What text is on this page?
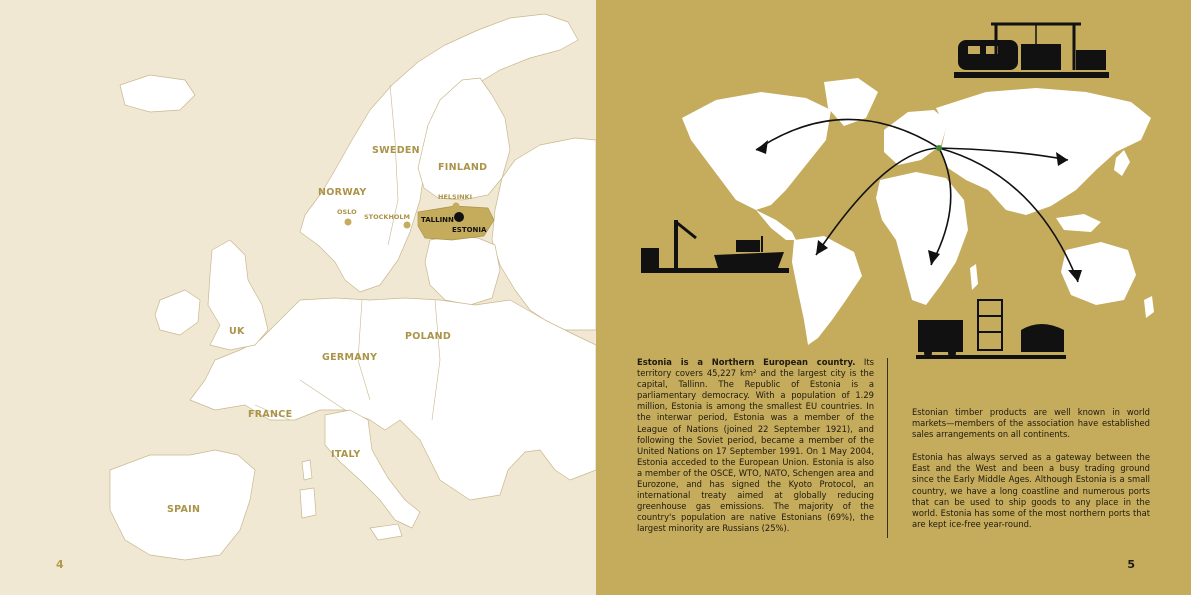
SWEDEN
FINLAND
NORWAY
UK	POLAND
GERMANY
FRANCE
ITALY
SPAIN
HELSINKI
TALLINN
ESTONIA
OSLO
STOCKHOLM
4
Estonia is a Northern European country. Its territory covers 45,227 km² and the largest city is the capital, Tallinn. The Republic of Estonia is a parliamentary democracy. With a population of 1.29 million, Estonia is among the smallest EU countries. In the interwar period, Estonia was a member of the League of Nations (joined 22 September 1921), and following the Soviet period, became a member of the United Nations on 17 September 1991. On 1 May 2004, Estonia acceded to the European Union. Estonia is also a member of the OSCE, WTO, NATO, Schengen area and Eurozone, and has signed the Kyoto Protocol, an international treaty aimed at globally reducing greenhouse gas emissions. The majority of the country's population are native Estonians (69%), the largest minority are Russians (25%).

Estonian timber products are well known in world markets—members of the association have established sales arrangements on all continents.

Estonia has always served as a gateway between the East and the West and been a busy trading ground since the Early Middle Ages. Although Estonia is a small country, we have a long coastline and numerous ports that can be used to ship goods to any place in the world. Estonia has some of the most northern ports that are kept ice-free year-round.

5
